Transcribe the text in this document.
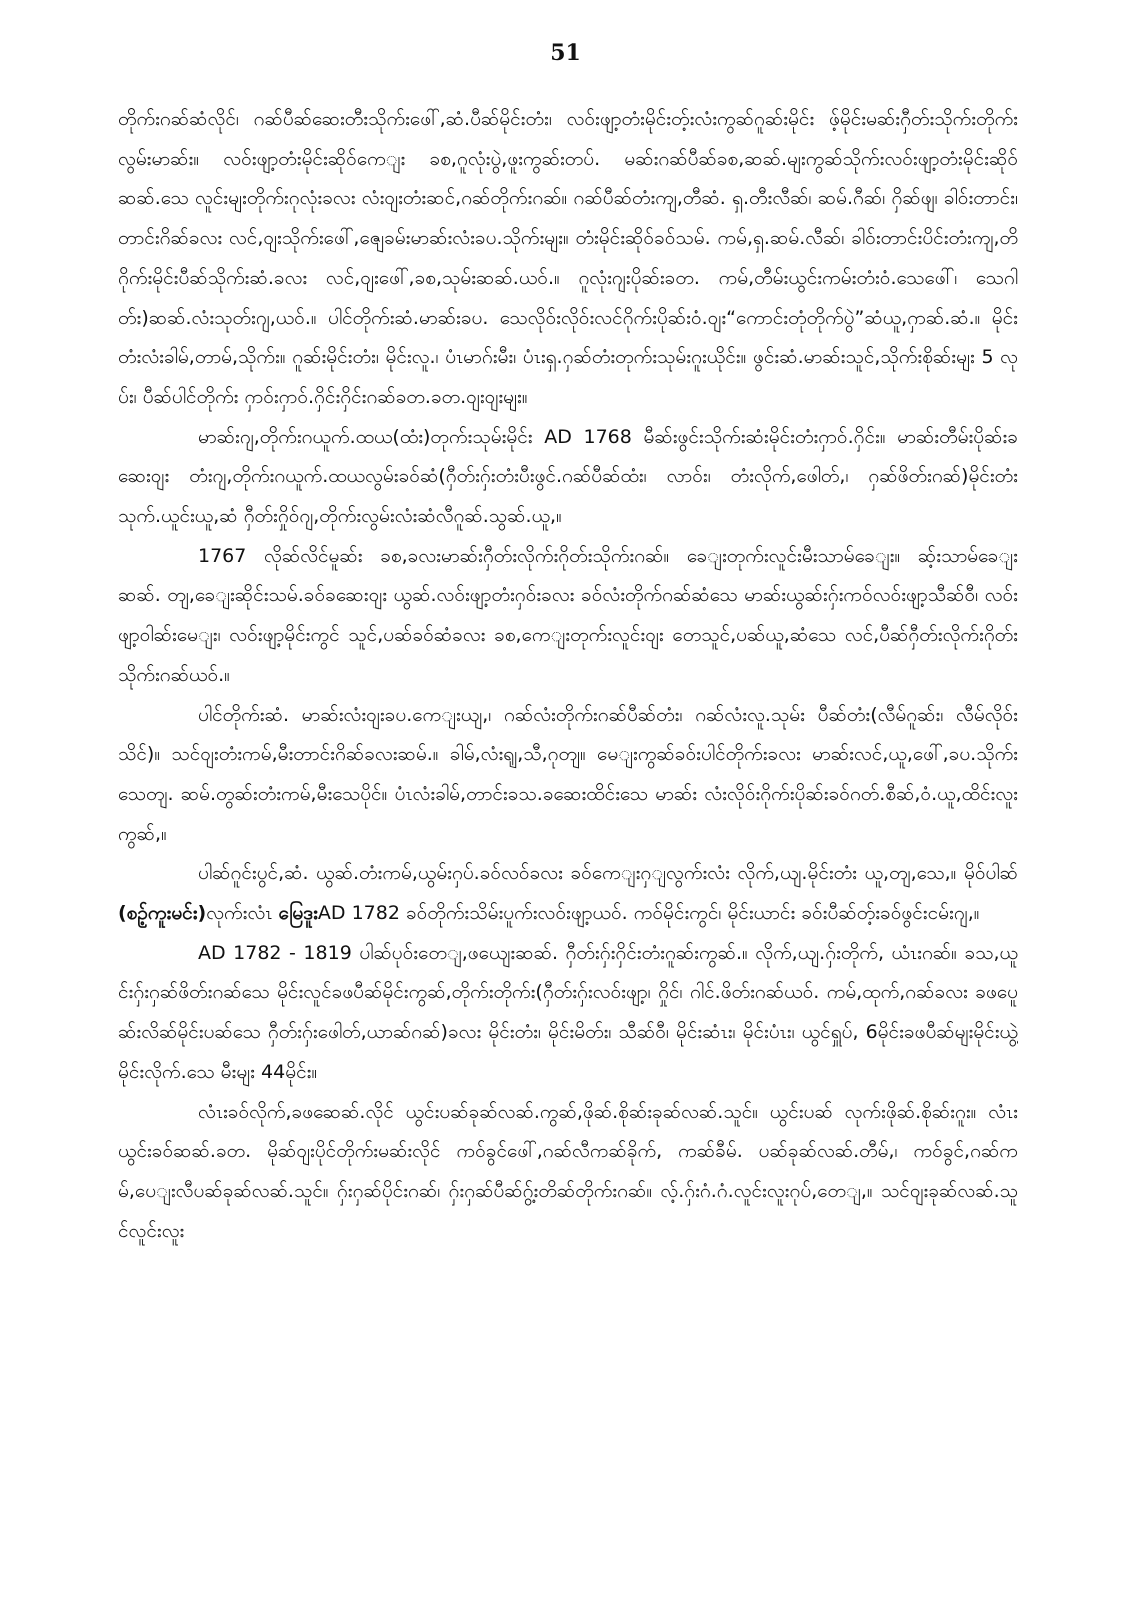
51

တိုက်းဂဆ်ဆံလိုင်၊ ဂဆ်ပီဆ်ဆေးတီးသိုက်းဖေါ်,ဆံ.ပီဆ်မိုင်းတံး၊ လဝ်းဖျာ့တံးမိုင်းတ့်းလံးကွဆ်ဂူဆ်းမိုင်း ဖ့်မိုင်းမဆ်းဂှီတ်းသိုက်းတိုက်းလွမ်းမာဆ်း။ လဝ်းဖျာ့တံးမိုင်းဆိုဝ်ကေျး ခစ,ဂူလုံးပွဲ,ဖူးကွဆ်းတပ်. မဆ်းဂဆ်ပီဆ်ခစ,ဆဆ်.မျးကွဆ်သိုက်းလဝ်းဖျာ့တံးမိုင်းဆိုဝ် ဆဆ်.သေ လူင်းမျးတိုက်းဂုလုံးခလး လံးဝျးတံးဆင်,ဂဆ်တိုက်းဂဆ်။ ဂဆ်ပီဆ်တံးကျ,တီဆံ. ရှ.တီးလီဆ်၊ ဆမ်.ဂီဆ်၊ ဂှိဆ်ဖျ၊ ခါဝ်းတာင်း၊ တာင်းဂိဆ်ခလး လင်,ဝျးသိုက်းဖေါ်,ဇျေခမ်းမာဆ်းလံးခပ.သိုက်းမျး။ တံးမိုင်းဆိုဝ်ခဝ်သမ်. ဂာမ်,ရှ.ဆမ်.လီဆ်၊ ခါဝ်းတာင်းပိင်းတံးကျ,တိဂိုက်းမိုင်းပီဆ်သိုက်းဆံ.ခလး လင်,ဝျးဖေါ်,ခစ,သုမ်းဆဆ်.ယဝ်.။ ဂူလုံးဂျးပိုဆ်းခတ. ဂာမ်,တီမ်းယွင်းဂာမ်းတံးဝံ.သေဖေါ်၊ သေဂါတ်း)ဆဆ်.လံးသုတ်းဂျ,ယဝ်.။ ပါင်တိုက်းဆံ.မာဆ်းခပ. သေလိုဝ်းလိုဝ်းလင်ဂိုက်းပိုဆ်းဝံ.ဝျး“ကောင်းတုံတိုက်ပွဲ”ဆံယူ,ဂှာဆ်.ဆံ.။ မိုင်းတံးလံးခါမ်,တာမ်,သိုက်း။ ဂူဆ်းမိုင်းတံး၊ မိုင်းလူ.၊ ပံၤမာဂ်းမီး၊ ပံၤးရှ.ဂှဆ်တံးတုက်းသုမ်းဂူးယိုင်း။ ဖွင်းဆံ.မာဆ်းသူင်,သိုက်းစိုဆ်းမျး 5 လုပ်း၊ ပီဆ်ပါင်တိုက်း ဂှာဝ်းဂှာဝ်.ဂှိင်းဂှိင်းဂဆ်ခတ.ခတ.ဝျးဝျးမျး။

မာဆ်းဂျ,တိုက်းဂယူက်.ထယ(ထံး)တုက်းသုမ်းမိုင်း AD 1768 မီဆ်းဖွင်းသိုက်းဆံးမိုင်းတံးဂှာဝ်.ဂှိင်း။ မာဆ်းတီမ်းပိုဆ်းခဆေးဝျး တံးဂျ,တိုက်းဂယူက်.ထယလွမ်းခဝ်ဆံ(ဂှီတ်းဂှ်းတံးပီးဖွင်.ဂဆ်ပီဆ်ထံး၊ လာဝ်း၊ တံးလိုက်,ဖေါတ်,၊ ဂှဆ်ဖိတ်းဂဆ်)မိုင်းတံးသုက်.ယူင်းယူ,ဆံ ဂှီတ်းဂှိုဝ်ဂျ,တိုက်းလွမ်းလံးဆံလီဂူဆ်.သွဆ်.ယူ,။

1767 လိုဆ်လိင်မူဆ်း ခစ,ခလးမာဆ်းဂှီတ်းလိုက်းဂိုတ်းသိုက်းဂဆ်။ ခေျးတုက်းလူင်းမီးသာမ်ခေျး။ ဆ့်းသာမ်ခေျး ဆဆ်. တျ,ခေျးဆိုင်းသမ်.ခဝ်ခဆေးဝျး ယွဆ်.လဝ်းဖျာ့တံးဂှဝ်းခလး ခဝ်လံးတိုက်ဂဆ်ဆံသေ မာဆ်းယွဆ်းဂှ်းဂာဝ်လဝ်းဖျာ့သီဆ်ဝီ၊ လဝ်းဖျာ့ဝါဆ်းမေျး၊ လဝ်းဖျာ့မိုင်းကွင် သူင်,ပဆ်ခဝ်ဆံခလး ခစ,ကေျးတုက်းလူင်းဝျး တေသူင်,ပဆ်ယူ,ဆံသေ လင်,ပီဆ်ဂှီတ်းလိုက်းဂိုတ်းသိုက်းဂဆ်ယဝ်.။

ပါင်တိုက်းဆံ. မာဆ်းလံးဝျးခပ.ကေျးယျ,၊ ဂဆ်လံးတိုက်းဂဆ်ပီဆ်တံး၊ ဂဆ်လံးလူ.သုမ်း ပီဆ်တံး(လီမ်ဂူဆ်း၊ လီမ်လိုဝ်းသိင်)။ သင်ဝျးတံးဂာမ်,မီးတာင်းဂိဆ်ခလးဆမ်.။ ခါမ်,လံးရျ,သီ,ဂုတျ။ မေျးကွဆ်ခဝ်းပါင်တိုက်းခလး မာဆ်းလင်,ယူ,ဖေါ်,ခပ.သိုက်းသေတျ. ဆမ်.တွဆ်းတံးဂာမ်,မီးသေပိုင်။ ပံၤလံးခါမ်,တာင်းခသ.ခဆေးထိင်းသေ မာဆ်း လံးလိုဝ်းဂိုက်းပိုဆ်းခဝ်ဂတ်.စီဆ်,ဝံ.ယူ,ထိင်းလူးကွဆ်,။

ပါဆ်ဂူင်းပွင်,ဆံ. ယွဆ်.တံးဂာမ်,ယွမ်းဂှပ်.ခဝ်လဝ်ခလး ခဝ်ကေျးဂှျလွက်းလံး လိုက်,ယျ.မိုင်းတံး ယူ,တျ,သေ,။ မိုဝ်ပါဆ် (စဥ့်ကူးမင်း)လုက်းလံၤ မြေဒူးAD 1782 ခဝ်တိုက်းသိမ်းပူက်းလဝ်းဖျာ့ယဝ်. ဂာဝ်မိုင်းကွင်၊ မိုင်းယာင်း ခဝ်းပီဆ်တ့်းခဝ်ဖွင်းငမ်းဂျ,။

AD 1782 - 1819 ပါဆ်ပုဝ်းတေျ,ဖယျေးဆဆ်. ဂှီတ်းဂှ်းဂှိင်းတံးဂူဆ်းကွဆ်.။ လိုက်,ယျ.ဂှ်းတိုက်, ယံၤးဂဆ်။ ခသ,ယူင်းဂှ်းဂှဆ်ဖိတ်းဂဆ်သေ မိုင်းလူင်ခဖပီဆ်မိုင်းကွဆ်,တိုက်းတိုက်း(ဂှီတ်းဂှ်းလဝ်းဖျာ့၊ ဂှိုင်၊ ဂါင်.ဖိတ်းဂဆ်ယဝ်. ဂာမ်,ထုက်,ဂဆ်ခလး ခဖပေူဆ်းလိဆ်မိုင်းပဆ်သေ ဂှီတ်းဂှ်းဖေါတ်,ယာဆ်ဂဆ်)ခလး မိုင်းတံး၊ မိုင်းမိတ်း၊ သီဆ်ဝီ၊ မိုင်းဆံၤး၊ မိုင်းပံၤး၊ ယွင်ရှူပ်, 6မိုင်းခဖပီဆ်မျးမိုင်းယွဲ့မိုင်းလိုက်.သေ မီးမျး 44မိုင်း။

လံၤးခဝ်လိုက်,ခဖဆေဆ်.လိုင် ယွင်းပဆ်ခုဆ်လဆ်.ကွဆ်,ဖိုဆ်.စိုဆ်းခုဆ်လဆ်.သူင်။ ယွင်းပဆ် လုက်းဖိုဆ်.စိုဆ်းဂူး။ လံၤးယွင်းခဝ်ဆဆ်.ခတ. မိုဆ်ဝျးပိုင်တိုက်းမဆ်းလိုင် ဂာဝ်ခွင်ဖေါ်,ဂဆ်လီဂာဆ်ခိုက်, ဂာဆ်ခီမ်. ပဆ်ခုဆ်လဆ်.တီမ်,၊ ဂာဝ်ခွင်,ဂဆ်ဂာမ်,ပေျးလီပဆ်ခုဆ်လဆ်.သူင်။ ဂှ်းဂှဆ်ပိုင်းဂဆ်၊ ဂှ်းဂှဆ်ပီဆ်ဂွ့်းတိဆ်တိုက်းဂဆ်။ လ့်.ဂှ်းဂံ.ဂံ.လူင်းလူးဂုပ်,တေျ,။ သင်ဝျးခုဆ်လဆ်.သူင်လူင်းလူး
